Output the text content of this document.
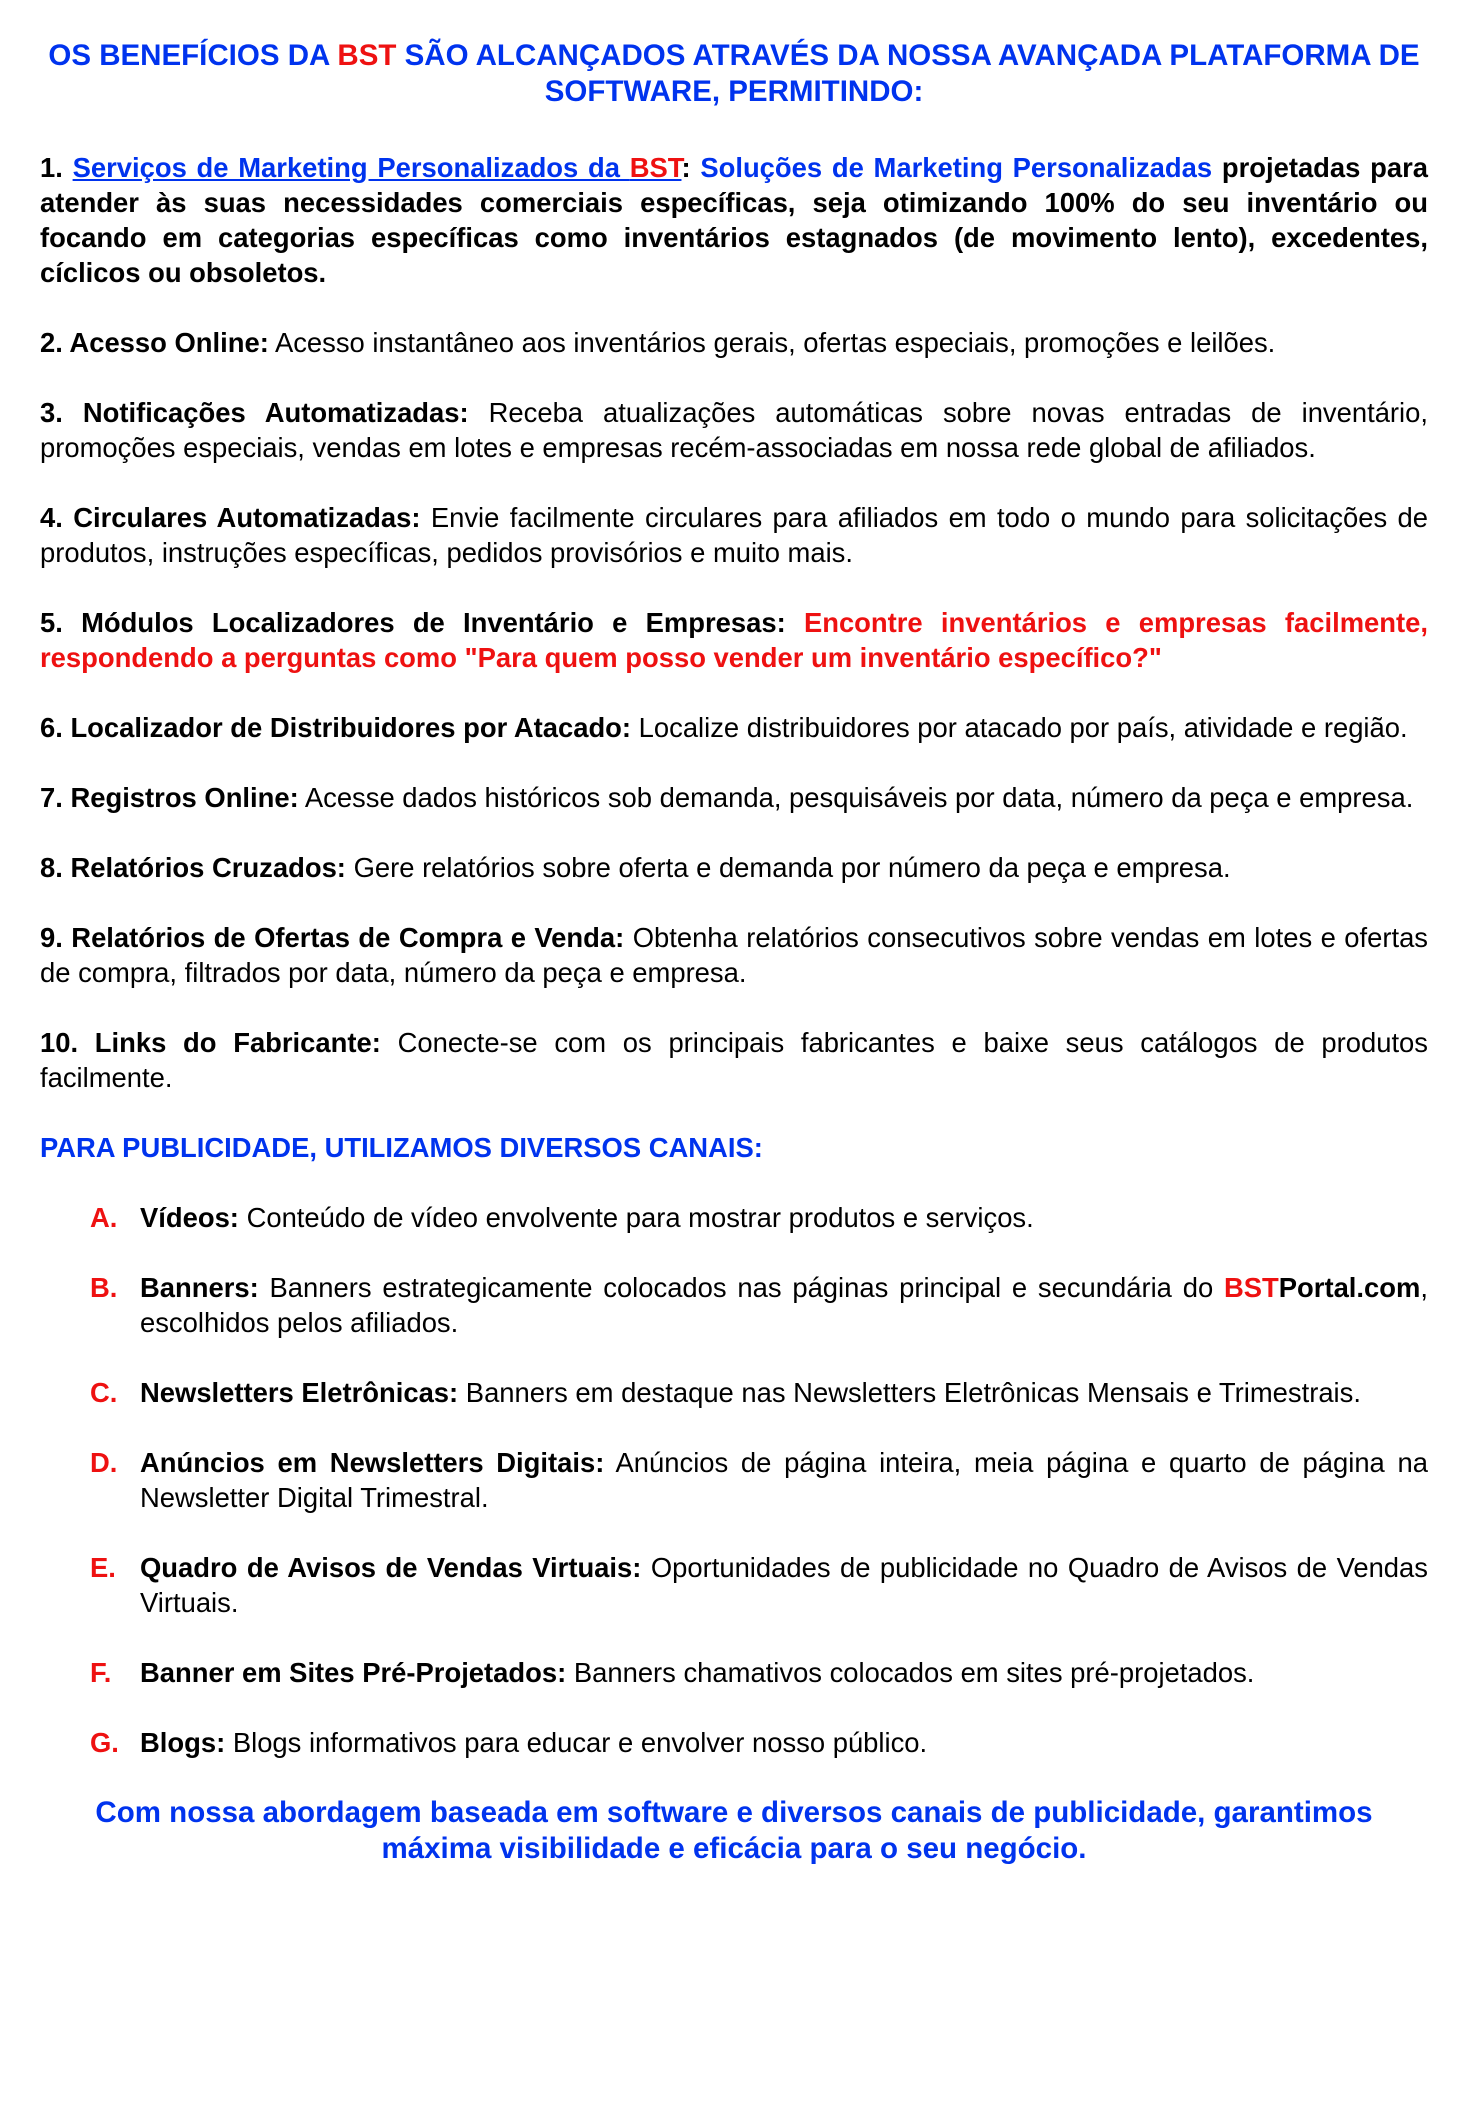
OS BENEFÍCIOS DA BST SÃO ALCANÇADOS ATRAVÉS DA NOSSA AVANÇADA PLATAFORMA DE SOFTWARE, PERMITINDO:

1. Serviços de Marketing Personalizados da BST: Soluções de Marketing Personalizadas projetadas para atender às suas necessidades comerciais específicas, seja otimizando 100% do seu inventário ou focando em categorias específicas como inventários estagnados (de movimento lento), excedentes, cíclicos ou obsoletos.

2. Acesso Online: Acesso instantâneo aos inventários gerais, ofertas especiais, promoções e leilões.

3. Notificações Automatizadas: Receba atualizações automáticas sobre novas entradas de inventário, promoções especiais, vendas em lotes e empresas recém-associadas em nossa rede global de afiliados.

4. Circulares Automatizadas: Envie facilmente circulares para afiliados em todo o mundo para solicitações de produtos, instruções específicas, pedidos provisórios e muito mais.

5. Módulos Localizadores de Inventário e Empresas: Encontre inventários e empresas facilmente, respondendo a perguntas como "Para quem posso vender um inventário específico?"

6. Localizador de Distribuidores por Atacado: Localize distribuidores por atacado por país, atividade e região.

7. Registros Online: Acesse dados históricos sob demanda, pesquisáveis por data, número da peça e empresa.

8. Relatórios Cruzados: Gere relatórios sobre oferta e demanda por número da peça e empresa.

9. Relatórios de Ofertas de Compra e Venda: Obtenha relatórios consecutivos sobre vendas em lotes e ofertas de compra, filtrados por data, número da peça e empresa.

10. Links do Fabricante: Conecte-se com os principais fabricantes e baixe seus catálogos de produtos facilmente.

PARA PUBLICIDADE, UTILIZAMOS DIVERSOS CANAIS:
A. Vídeos: Conteúdo de vídeo envolvente para mostrar produtos e serviços.
B. Banners: Banners estrategicamente colocados nas páginas principal e secundária do BSTPortal.com, escolhidos pelos afiliados.
C. Newsletters Eletrônicas: Banners em destaque nas Newsletters Eletrônicas Mensais e Trimestrais.
D. Anúncios em Newsletters Digitais: Anúncios de página inteira, meia página e quarto de página na Newsletter Digital Trimestral.
E. Quadro de Avisos de Vendas Virtuais: Oportunidades de publicidade no Quadro de Avisos de Vendas Virtuais.
F. Banner em Sites Pré-Projetados: Banners chamativos colocados em sites pré-projetados.
G. Blogs: Blogs informativos para educar e envolver nosso público.
Com nossa abordagem baseada em software e diversos canais de publicidade, garantimos máxima visibilidade e eficácia para o seu negócio.
